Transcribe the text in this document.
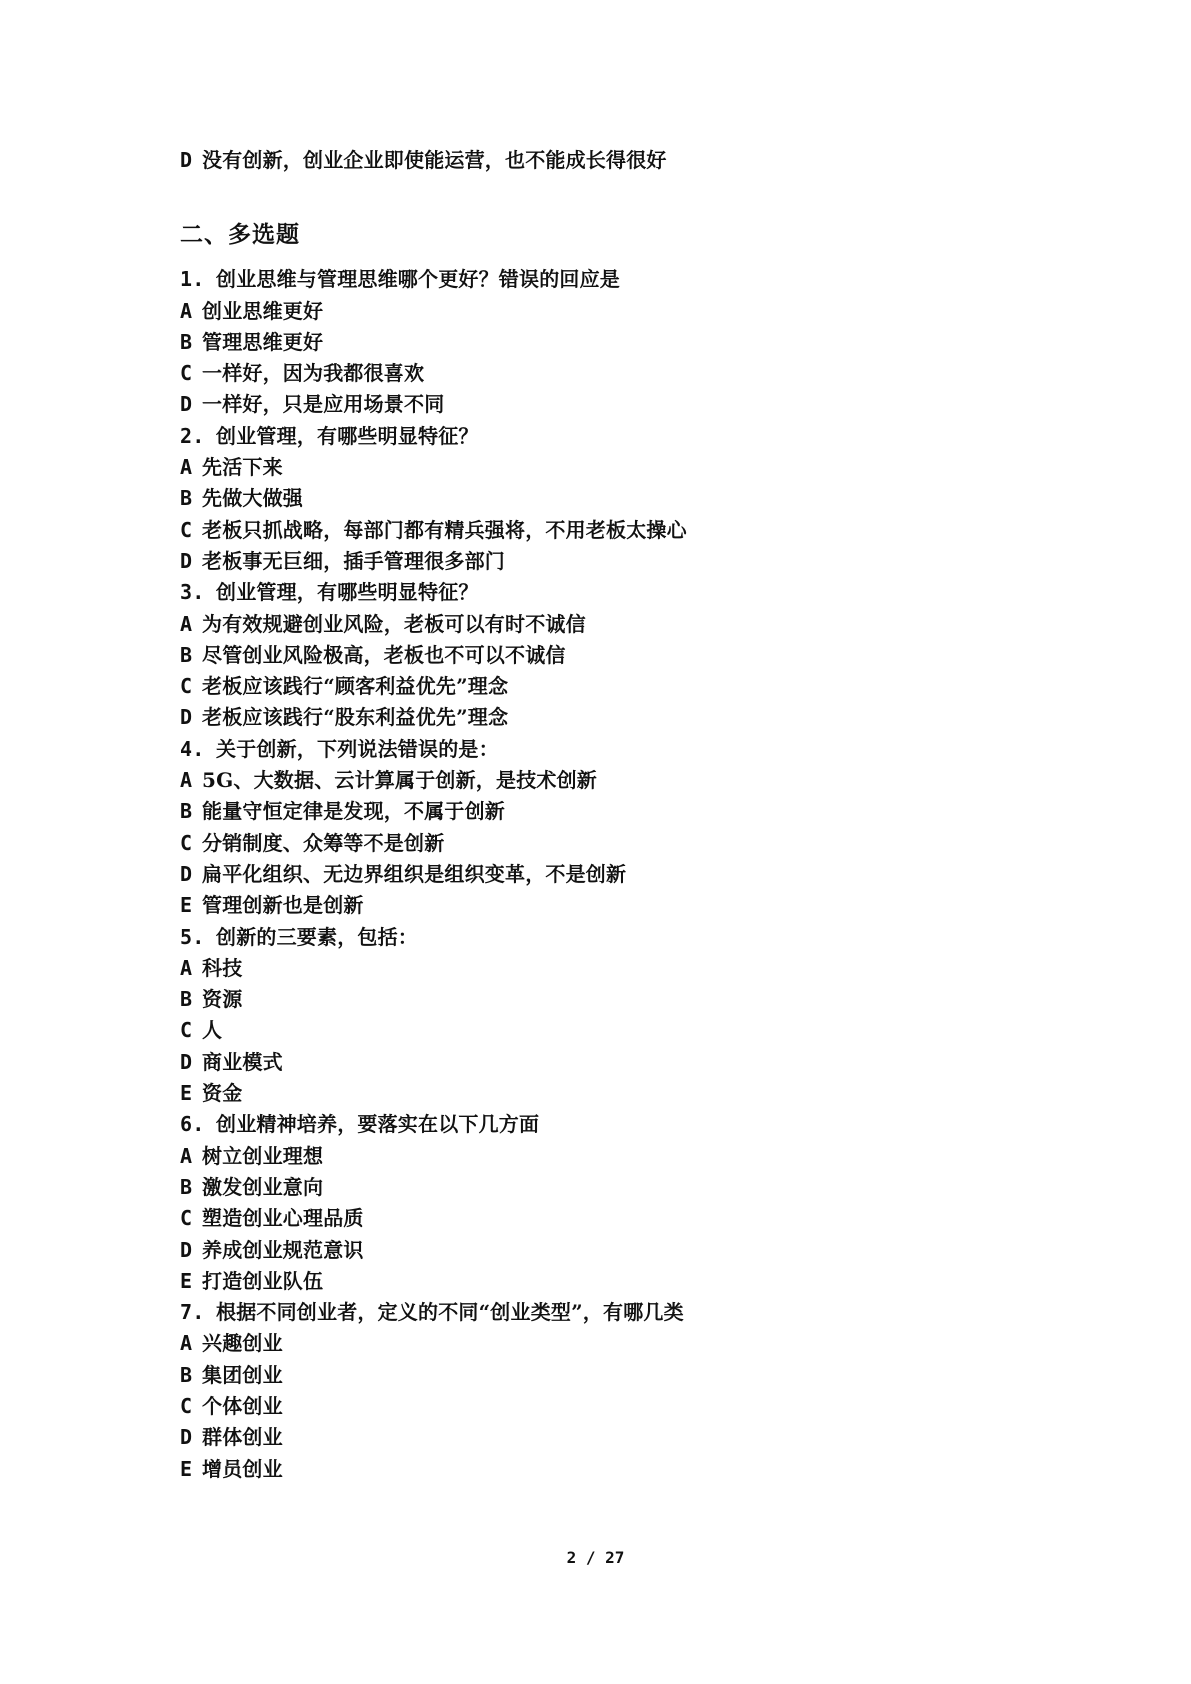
D 没有创新，创业企业即使能运营，也不能成长得很好
二、多选题
1. 创业思维与管理思维哪个更好？错误的回应是
A 创业思维更好
B 管理思维更好
C 一样好，因为我都很喜欢
D 一样好，只是应用场景不同
2. 创业管理，有哪些明显特征？
A 先活下来
B 先做大做强
C 老板只抓战略，每部门都有精兵强将，不用老板太操心
D 老板事无巨细，插手管理很多部门
3. 创业管理，有哪些明显特征？
A 为有效规避创业风险，老板可以有时不诚信
B 尽管创业风险极高，老板也不可以不诚信
C 老板应该践行“顾客利益优先”理念
D 老板应该践行“股东利益优先”理念
4. 关于创新，下列说法错误的是：
A 5G、大数据、云计算属于创新，是技术创新
B 能量守恒定律是发现，不属于创新
C 分销制度、众筹等不是创新
D 扁平化组织、无边界组织是组织变革，不是创新
E 管理创新也是创新
5. 创新的三要素，包括：
A 科技
B 资源
C 人
D 商业模式
E 资金
6. 创业精神培养，要落实在以下几方面
A 树立创业理想
B 激发创业意向
C 塑造创业心理品质
D 养成创业规范意识
E 打造创业队伍
7. 根据不同创业者，定义的不同“创业类型”，有哪几类
A 兴趣创业
B 集团创业
C 个体创业
D 群体创业
E 增员创业
2 / 27
